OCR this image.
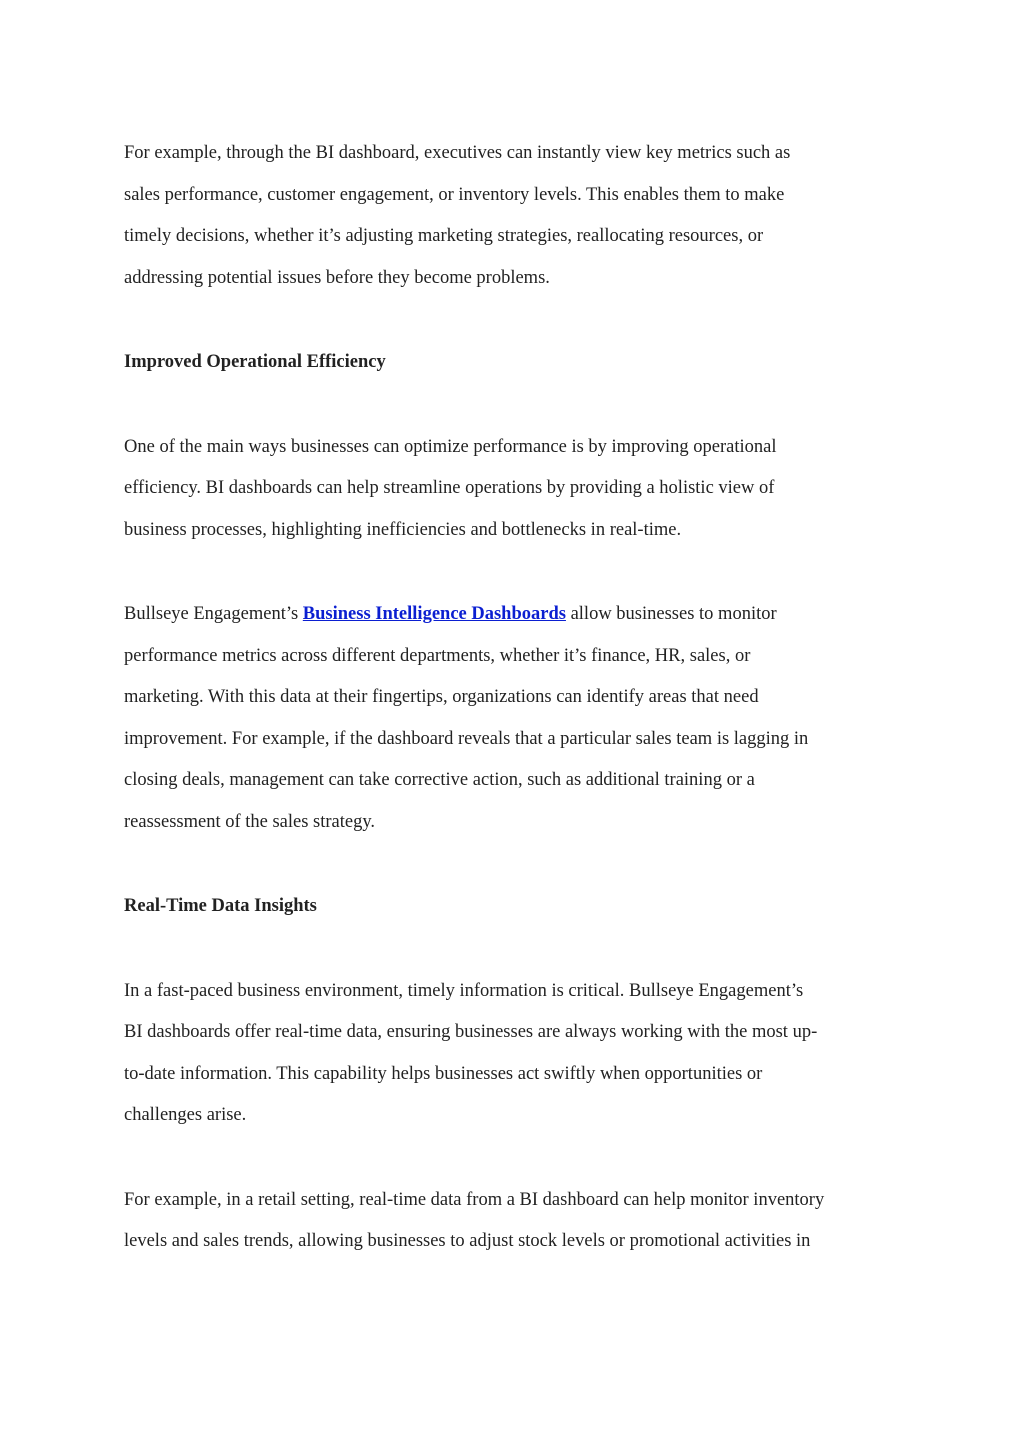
For example, through the BI dashboard, executives can instantly view key metrics such as
sales performance, customer engagement, or inventory levels. This enables them to make
timely decisions, whether it’s adjusting marketing strategies, reallocating resources, or
addressing potential issues before they become problems.

Improved Operational Efficiency

One of the main ways businesses can optimize performance is by improving operational
efficiency. BI dashboards can help streamline operations by providing a holistic view of
business processes, highlighting inefficiencies and bottlenecks in real-time.

Bullseye Engagement’s Business Intelligence Dashboards allow businesses to monitor
performance metrics across different departments, whether it’s finance, HR, sales, or
marketing. With this data at their fingertips, organizations can identify areas that need
improvement. For example, if the dashboard reveals that a particular sales team is lagging in
closing deals, management can take corrective action, such as additional training or a
reassessment of the sales strategy.

Real-Time Data Insights

In a fast-paced business environment, timely information is critical. Bullseye Engagement’s
BI dashboards offer real-time data, ensuring businesses are always working with the most up-
to-date information. This capability helps businesses act swiftly when opportunities or
challenges arise.

For example, in a retail setting, real-time data from a BI dashboard can help monitor inventory
levels and sales trends, allowing businesses to adjust stock levels or promotional activities in
